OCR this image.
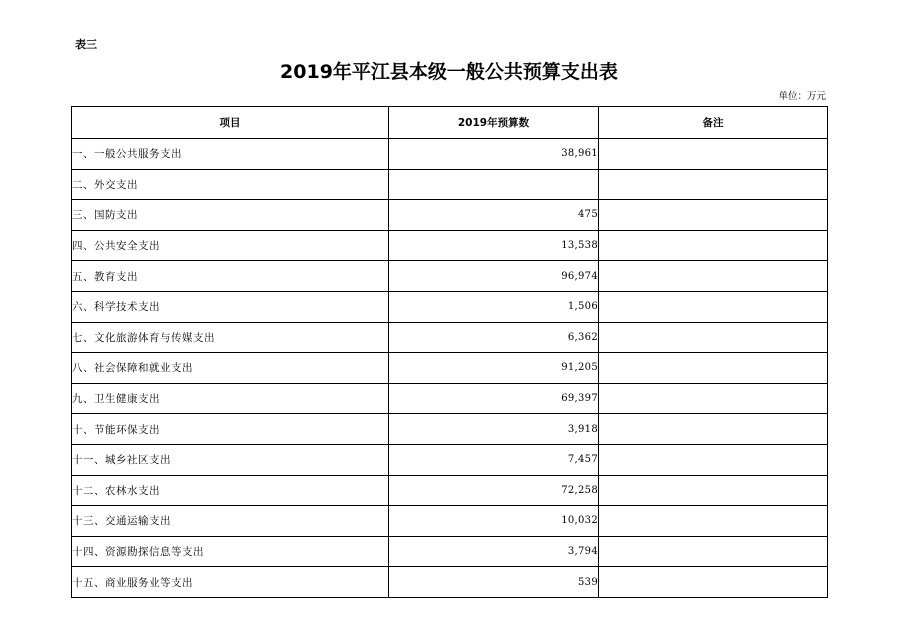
表三
2019年平江县本级一般公共预算支出表
单位：万元
项目	2019年预算数	备注
一、一般公共服务支出	38,961	
二、外交支出		
三、国防支出	475	
四、公共安全支出	13,538	
五、教育支出	96,974	
六、科学技术支出	1,506	
七、文化旅游体育与传媒支出	6,362	
八、社会保障和就业支出	91,205	
九、卫生健康支出	69,397	
十、节能环保支出	3,918	
十一、城乡社区支出	7,457	
十二、农林水支出	72,258	
十三、交通运输支出	10,032	
十四、资源勘探信息等支出	3,794	
十五、商业服务业等支出	539	
